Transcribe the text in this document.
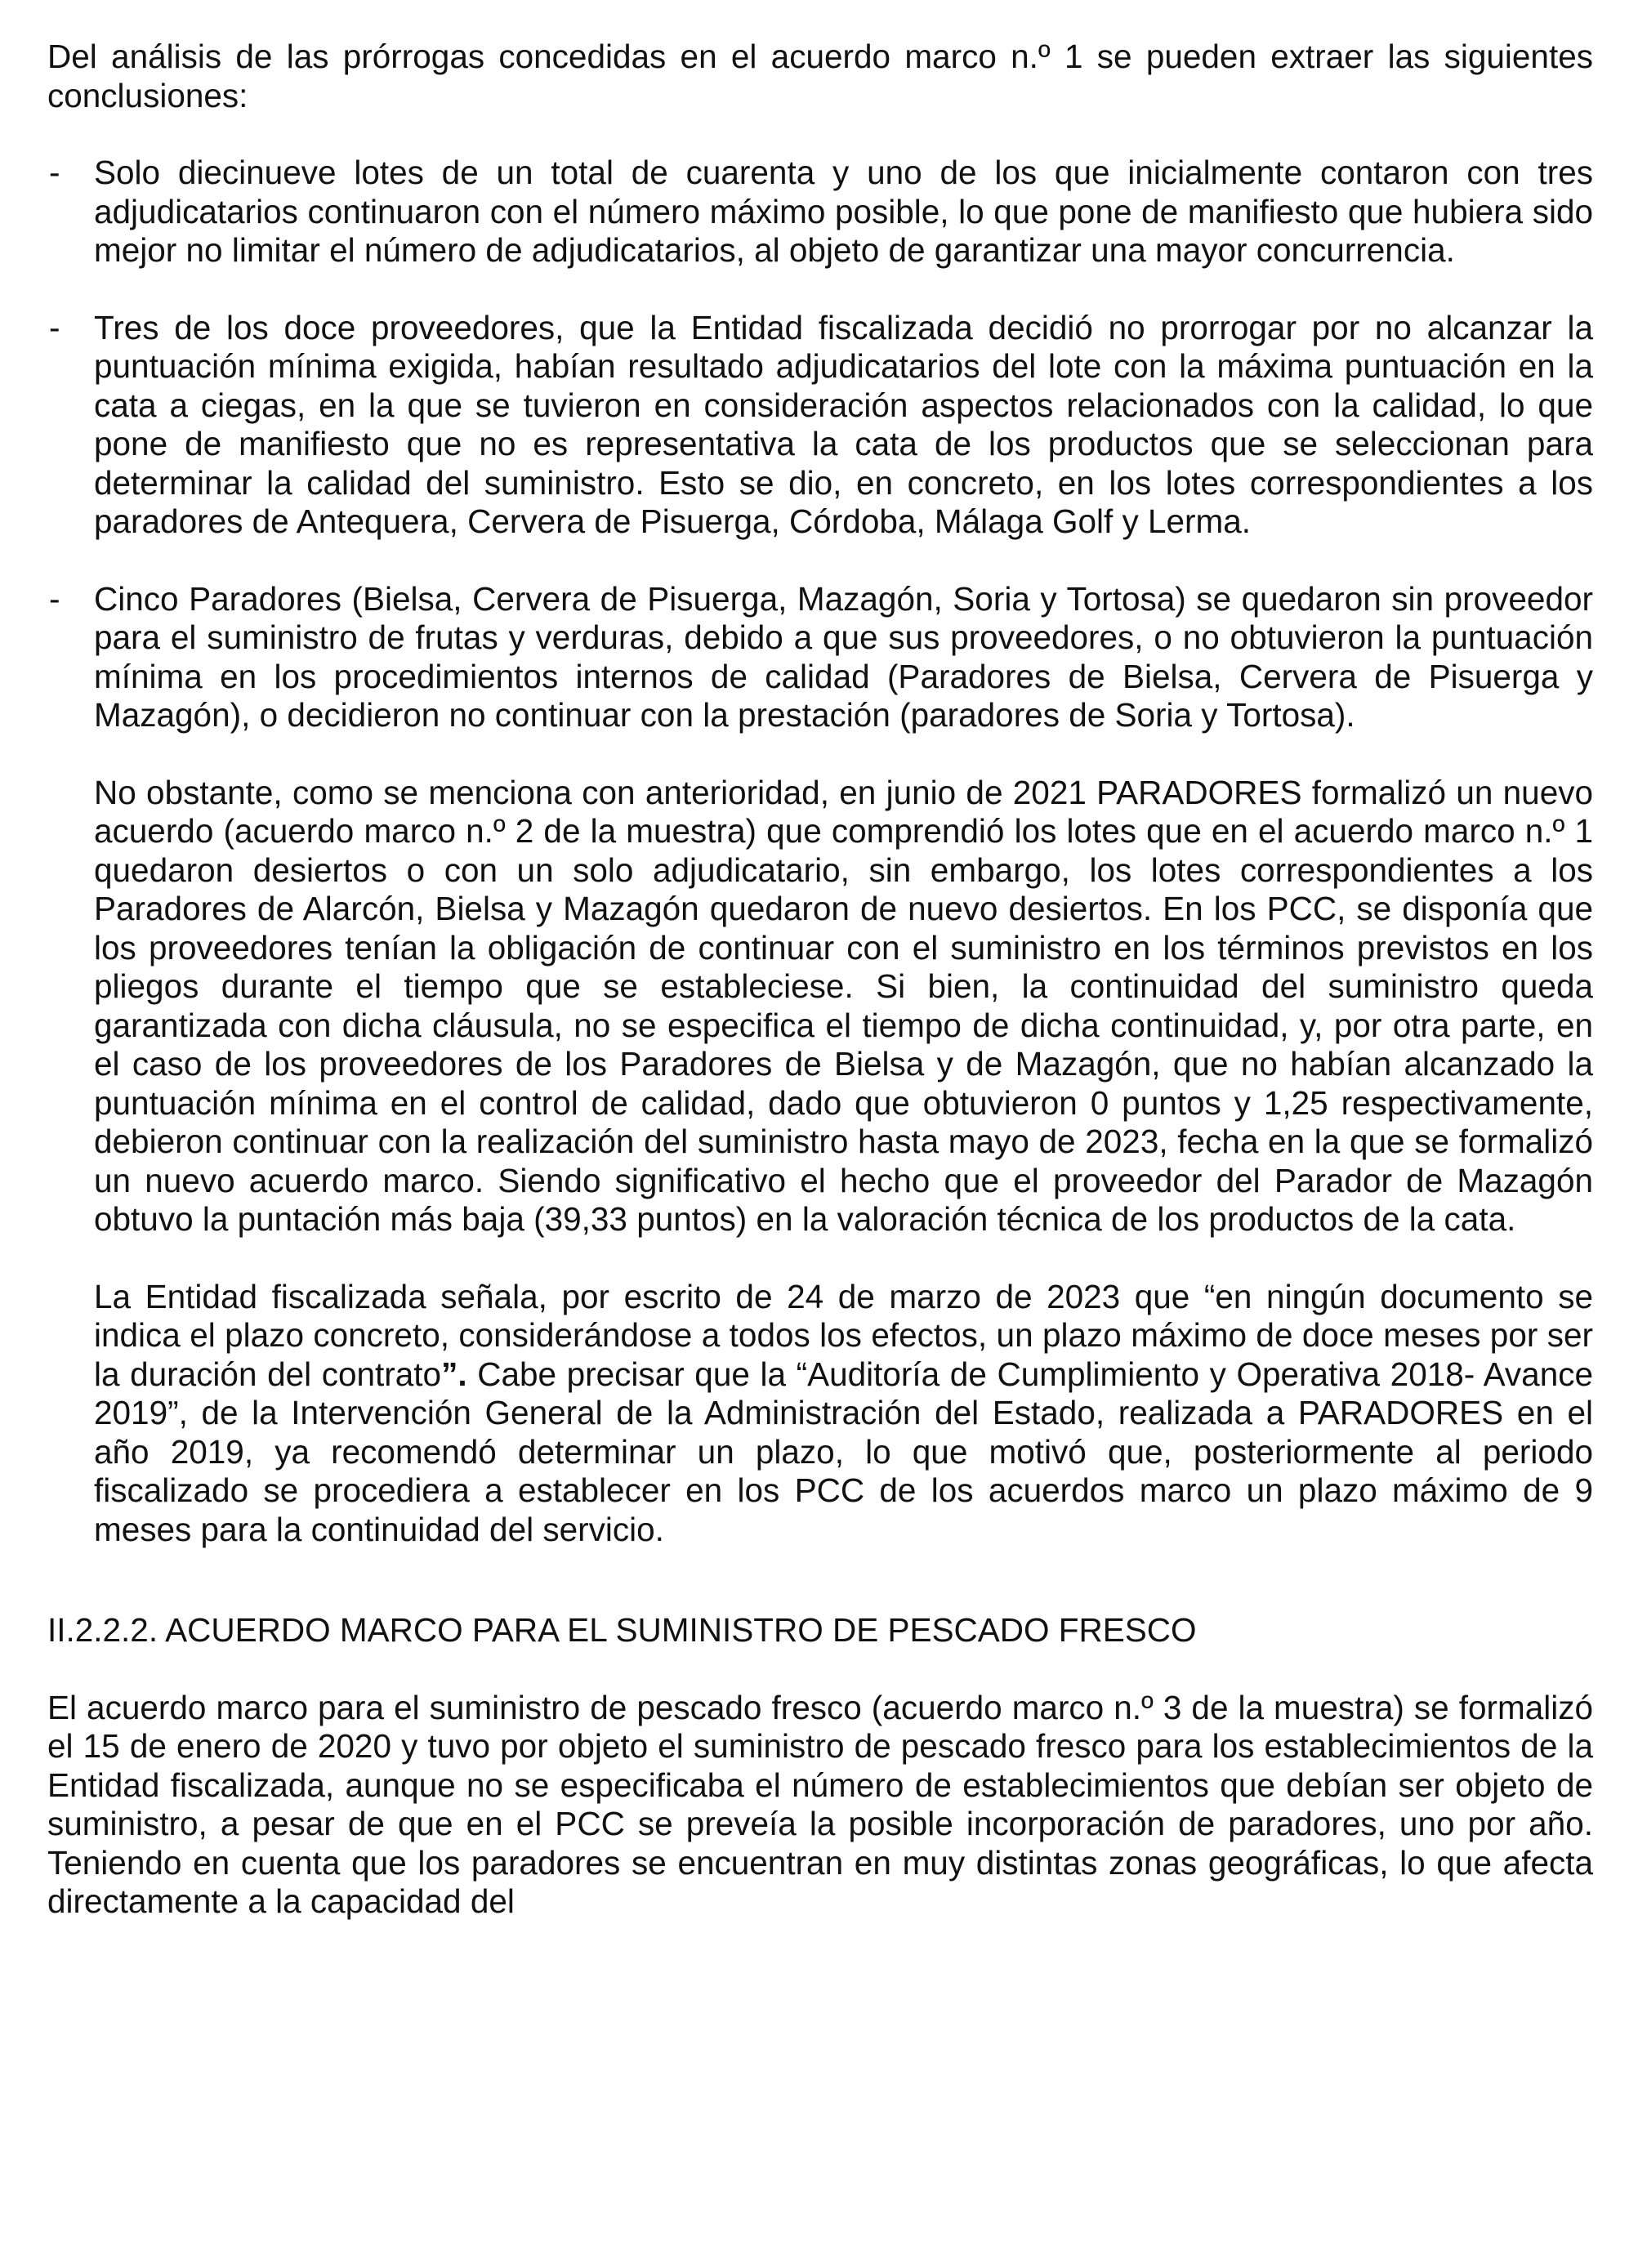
Del análisis de las prórrogas concedidas en el acuerdo marco n.º 1 se pueden extraer las siguientes conclusiones:

- Solo diecinueve lotes de un total de cuarenta y uno de los que inicialmente contaron con tres adjudicatarios continuaron con el número máximo posible, lo que pone de manifiesto que hubiera sido mejor no limitar el número de adjudicatarios, al objeto de garantizar una mayor concurrencia.

- Tres de los doce proveedores, que la Entidad fiscalizada decidió no prorrogar por no alcanzar la puntuación mínima exigida, habían resultado adjudicatarios del lote con la máxima puntuación en la cata a ciegas, en la que se tuvieron en consideración aspectos relacionados con la calidad, lo que pone de manifiesto que no es representativa la cata de los productos que se seleccionan para determinar la calidad del suministro. Esto se dio, en concreto, en los lotes correspondientes a los paradores de Antequera, Cervera de Pisuerga, Córdoba, Málaga Golf y Lerma.

- Cinco Paradores (Bielsa, Cervera de Pisuerga, Mazagón, Soria y Tortosa) se quedaron sin proveedor para el suministro de frutas y verduras, debido a que sus proveedores, o no obtuvieron la puntuación mínima en los procedimientos internos de calidad (Paradores de Bielsa, Cervera de Pisuerga y Mazagón), o decidieron no continuar con la prestación (paradores de Soria y Tortosa).

No obstante, como se menciona con anterioridad, en junio de 2021 PARADORES formalizó un nuevo acuerdo (acuerdo marco n.º 2 de la muestra) que comprendió los lotes que en el acuerdo marco n.º 1 quedaron desiertos o con un solo adjudicatario, sin embargo, los lotes correspondientes a los Paradores de Alarcón, Bielsa y Mazagón quedaron de nuevo desiertos. En los PCC, se disponía que los proveedores tenían la obligación de continuar con el suministro en los términos previstos en los pliegos durante el tiempo que se estableciese. Si bien, la continuidad del suministro queda garantizada con dicha cláusula, no se especifica el tiempo de dicha continuidad, y, por otra parte, en el caso de los proveedores de los Paradores de Bielsa y de Mazagón, que no habían alcanzado la puntuación mínima en el control de calidad, dado que obtuvieron 0 puntos y 1,25 respectivamente, debieron continuar con la realización del suministro hasta mayo de 2023, fecha en la que se formalizó un nuevo acuerdo marco. Siendo significativo el hecho que el proveedor del Parador de Mazagón obtuvo la puntación más baja (39,33 puntos) en la valoración técnica de los productos de la cata.

La Entidad fiscalizada señala, por escrito de 24 de marzo de 2023 que “en ningún documento se indica el plazo concreto, considerándose a todos los efectos, un plazo máximo de doce meses por ser la duración del contrato”. Cabe precisar que la “Auditoría de Cumplimiento y Operativa 2018- Avance 2019”, de la Intervención General de la Administración del Estado, realizada a PARADORES en el año 2019, ya recomendó determinar un plazo, lo que motivó que, posteriormente al periodo fiscalizado se procediera a establecer en los PCC de los acuerdos marco un plazo máximo de 9 meses para la continuidad del servicio.

II.2.2.2. ACUERDO MARCO PARA EL SUMINISTRO DE PESCADO FRESCO

El acuerdo marco para el suministro de pescado fresco (acuerdo marco n.º 3 de la muestra) se formalizó el 15 de enero de 2020 y tuvo por objeto el suministro de pescado fresco para los establecimientos de la Entidad fiscalizada, aunque no se especificaba el número de establecimientos que debían ser objeto de suministro, a pesar de que en el PCC se preveía la posible incorporación de paradores, uno por año. Teniendo en cuenta que los paradores se encuentran en muy distintas zonas geográficas, lo que afecta directamente a la capacidad del
